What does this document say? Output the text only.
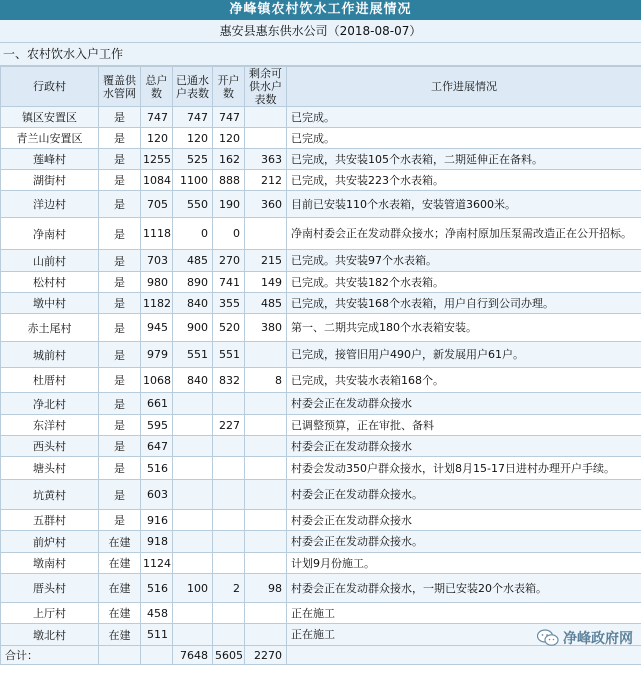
净峰镇农村饮水工作进展情况
惠安县惠东供水公司（2018-08-07）
一、农村饮水入户工作
行政村	覆盖供水管网	总户数	已通水户表数	开户数	剩余可供水户表数	工作进展情况
镇区安置区	是	747	747	747		已完成。
青兰山安置区	是	120	120	120		已完成。
莲峰村	是	1255	525	162	363	已完成，共安装105个水表箱，二期延伸正在备料。
湖街村	是	1084	1100	888	212	已完成，共安装223个水表箱。
洋边村	是	705	550	190	360	目前已安装110个水表箱，安装管道3600米。
净南村	是	1118	0	0		净南村委会正在发动群众接水；净南村原加压泵需改造正在公开招标。
山前村	是	703	485	270	215	已完成。共安装97个水表箱。
松村村	是	980	890	741	149	已完成。共安装182个水表箱。
墩中村	是	1182	840	355	485	已完成，共安装168个水表箱，用户自行到公司办理。
赤土尾村	是	945	900	520	380	第一、二期共完成180个水表箱安装。
城前村	是	979	551	551		已完成，接管旧用户490户，新发展用户61户。
杜厝村	是	1068	840	832	8	已完成，共安装水表箱168个。
净北村	是	661				村委会正在发动群众接水
东洋村	是	595		227		已调整预算，正在审批、备料
西头村	是	647				村委会正在发动群众接水
塘头村	是	516				村委会发动350户群众接水，计划8月15-17日进村办理开户手续。
坑黄村	是	603				村委会正在发动群众接水。
五群村	是	916				村委会正在发动群众接水
前炉村	在建	918				村委会正在发动群众接水。
墩南村	在建	1124				计划9月份施工。
厝头村	在建	516	100	2	98	村委会正在发动群众接水，一期已安装20个水表箱。
上厅村	在建	458				正在施工
墩北村	在建	511				正在施工
合计：			7648	5605	2270	
净峰政府网
